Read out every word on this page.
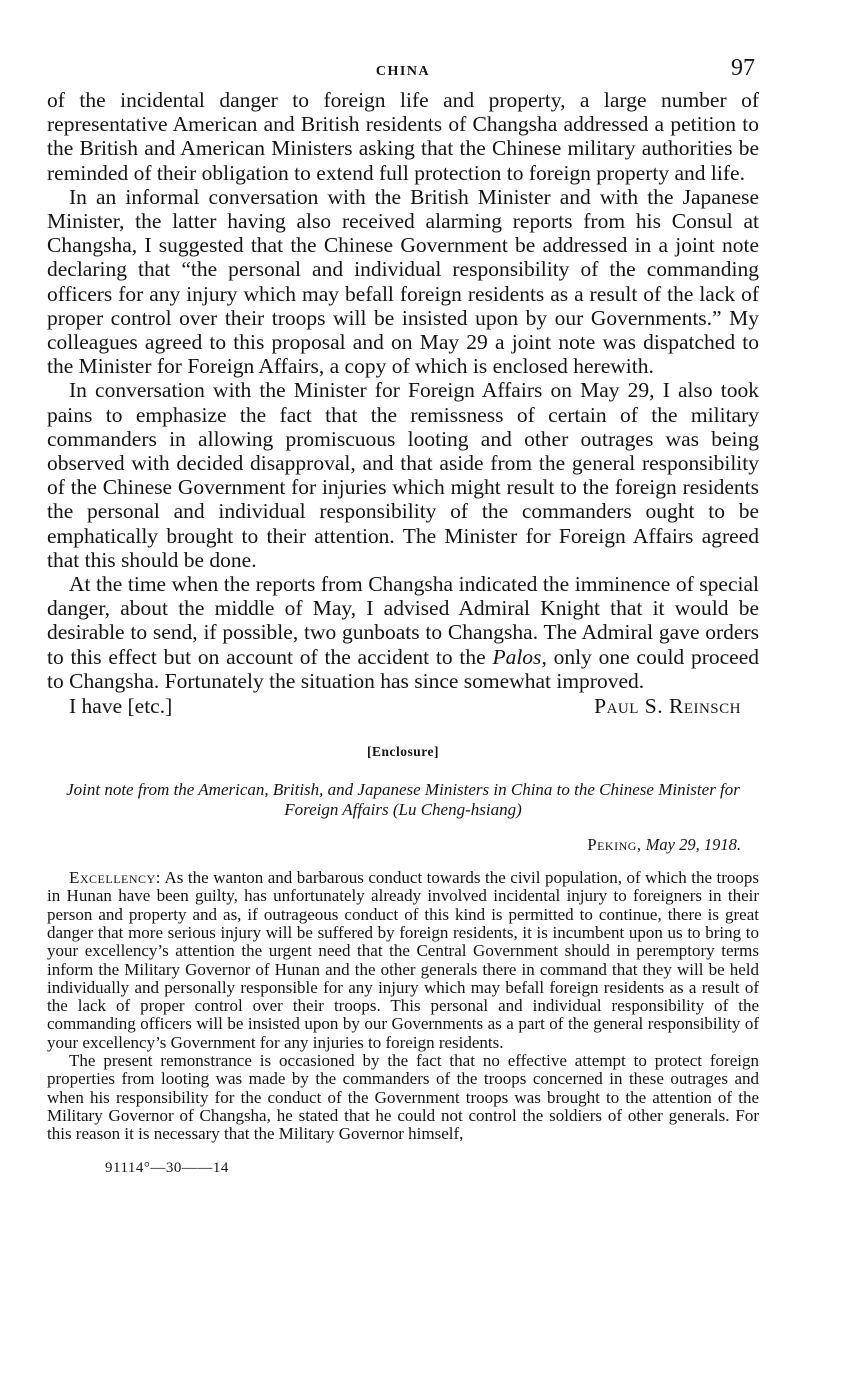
CHINA	97

of the incidental danger to foreign life and property, a large number of representative American and British residents of Changsha addressed a petition to the British and American Ministers asking that the Chinese military authorities be reminded of their obligation to extend full protection to foreign property and life.

In an informal conversation with the British Minister and with the Japanese Minister, the latter having also received alarming reports from his Consul at Changsha, I suggested that the Chinese Government be addressed in a joint note declaring that “the personal and individual responsibility of the commanding officers for any injury which may befall foreign residents as a result of the lack of proper control over their troops will be insisted upon by our Governments.” My colleagues agreed to this proposal and on May 29 a joint note was dispatched to the Minister for Foreign Affairs, a copy of which is enclosed herewith.

In conversation with the Minister for Foreign Affairs on May 29, I also took pains to emphasize the fact that the remissness of certain of the military commanders in allowing promiscuous looting and other outrages was being observed with decided disapproval, and that aside from the general responsibility of the Chinese Government for injuries which might result to the foreign residents the personal and individual responsibility of the commanders ought to be emphatically brought to their attention. The Minister for Foreign Affairs agreed that this should be done.

At the time when the reports from Changsha indicated the imminence of special danger, about the middle of May, I advised Admiral Knight that it would be desirable to send, if possible, two gunboats to Changsha. The Admiral gave orders to this effect but on account of the accident to the Palos, only one could proceed to Changsha. Fortunately the situation has since somewhat improved.

I have [etc.]	Paul S. Reinsch
[Enclosure]

Joint note from the American, British, and Japanese Ministers in China to the Chinese Minister for Foreign Affairs (Lu Cheng-hsiang)

Peking, May 29, 1918.

Excellency: As the wanton and barbarous conduct towards the civil population, of which the troops in Hunan have been guilty, has unfortunately already involved incidental injury to foreigners in their person and property and as, if outrageous conduct of this kind is permitted to continue, there is great danger that more serious injury will be suffered by foreign residents, it is incumbent upon us to bring to your excellency’s attention the urgent need that the Central Government should in peremptory terms inform the Military Governor of Hunan and the other generals there in command that they will be held individually and personally responsible for any injury which may befall foreign residents as a result of the lack of proper control over their troops. This personal and individual responsibility of the commanding officers will be insisted upon by our Governments as a part of the general responsibility of your excellency’s Government for any injuries to foreign residents.

The present remonstrance is occasioned by the fact that no effective attempt to protect foreign properties from looting was made by the commanders of the troops concerned in these outrages and when his responsibility for the conduct of the Government troops was brought to the attention of the Military Governor of Changsha, he stated that he could not control the soldiers of other generals. For this reason it is necessary that the Military Governor himself,

91114°—30——14
